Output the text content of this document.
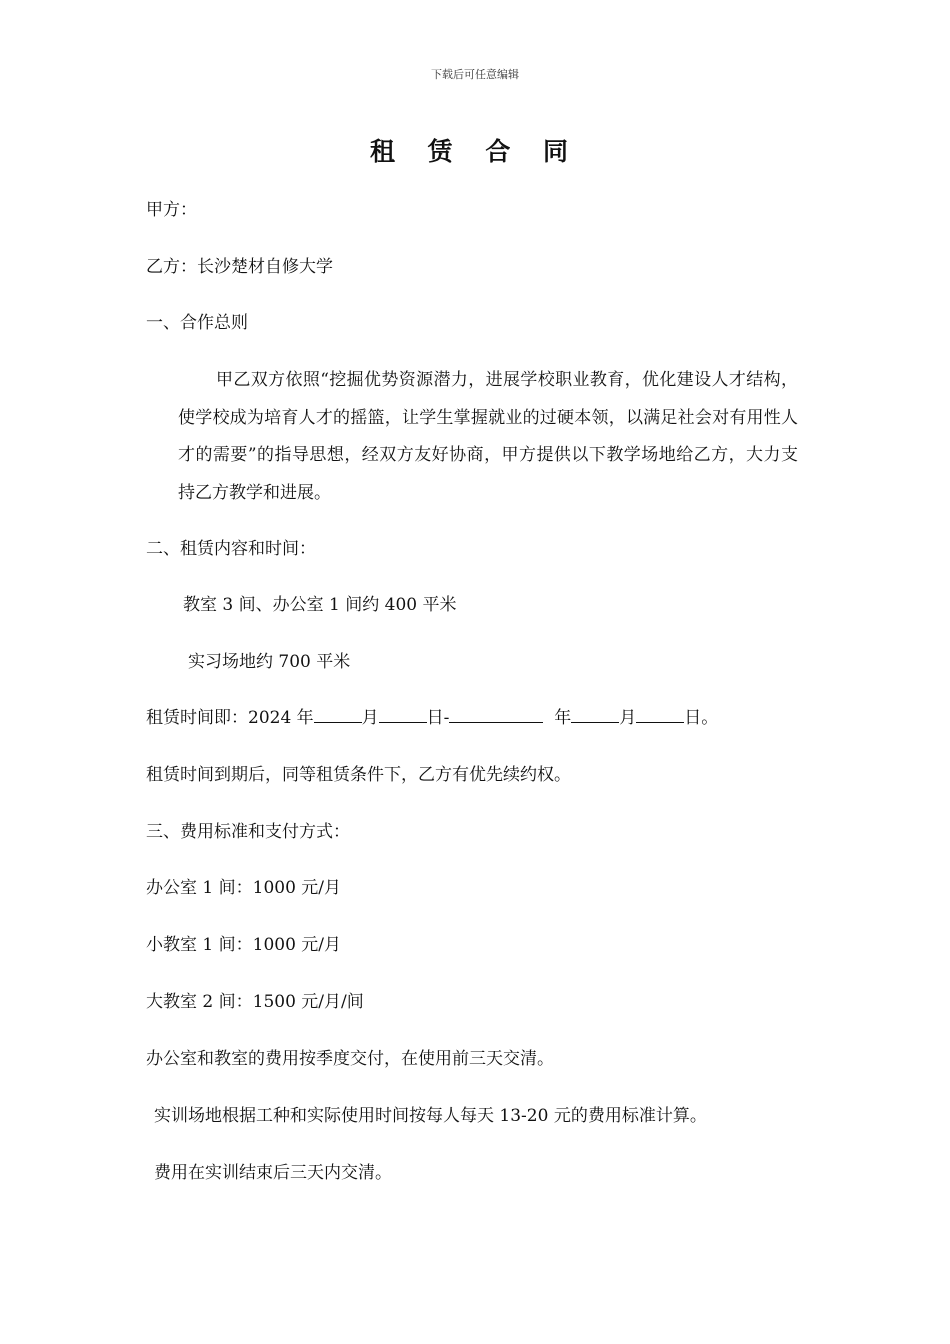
下载后可任意编辑
租 赁 合 同
甲方：
乙方：长沙楚材自修大学
一、合作总则
甲乙双方依照“挖掘优势资源潜力，进展学校职业教育，优化建设人才结构，使学校成为培育人才的摇篮，让学生掌握就业的过硬本领，以满足社会对有用性人才的需要”的指导思想，经双方友好协商，甲方提供以下教学场地给乙方，大力支持乙方教学和进展。
二、租赁内容和时间：
教室 3 间、办公室 1 间约 400 平米
实习场地约 700 平米
租赁时间即：2024 年	月	日-	年	月	日。
租赁时间到期后，同等租赁条件下，乙方有优先续约权。
三、费用标准和支付方式：
办公室 1 间：1000 元/月
小教室 1 间：1000 元/月
大教室 2 间：1500 元/月/间
办公室和教室的费用按季度交付，在使用前三天交清。
实训场地根据工种和实际使用时间按每人每天 13-20 元的费用标准计算。
费用在实训结束后三天内交清。
